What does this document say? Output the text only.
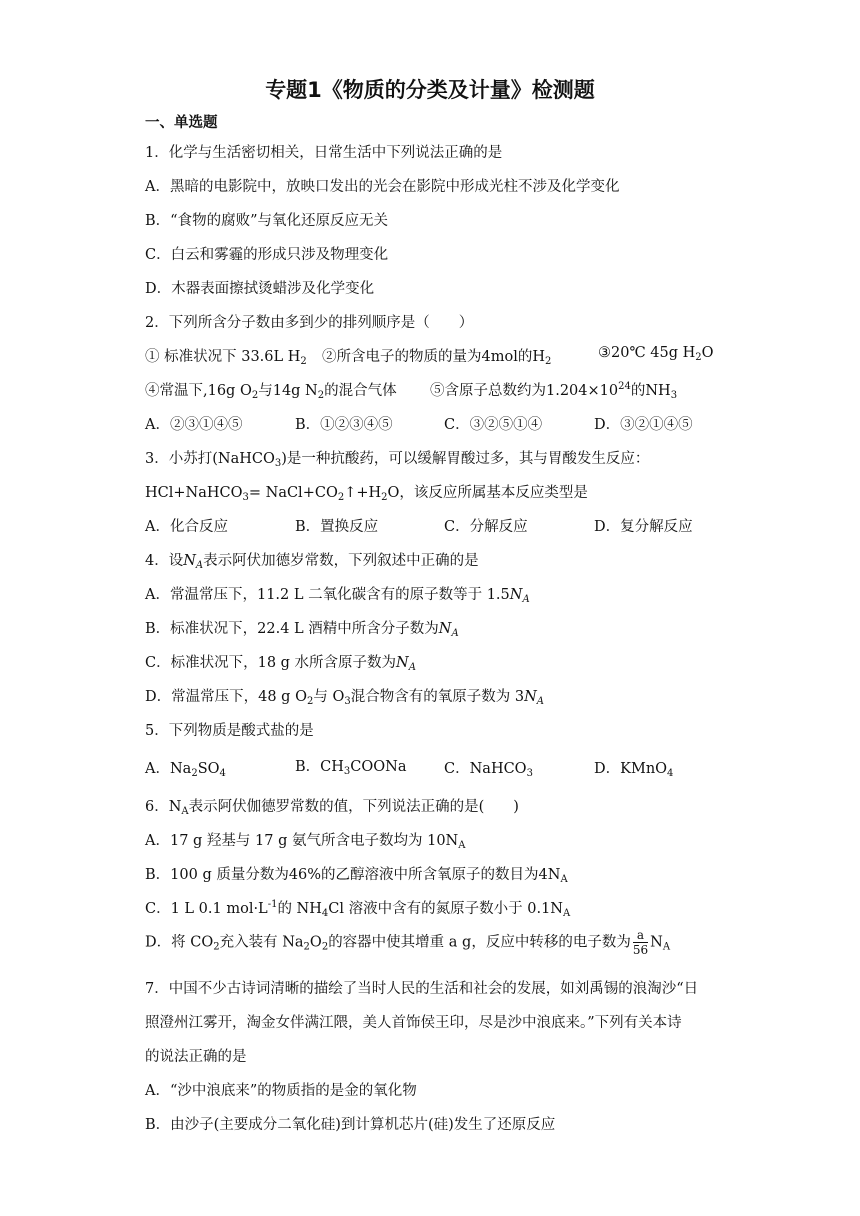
专题1《物质的分类及计量》检测题
一、单选题
1．化学与生活密切相关，日常生活中下列说法正确的是
A．黑暗的电影院中，放映口发出的光会在影院中形成光柱不涉及化学变化
B．“食物的腐败”与氧化还原反应无关
C．白云和雾霾的形成只涉及物理变化
D．木器表面擦拭烫蜡涉及化学变化
2．下列所含分子数由多到少的排列顺序是（　　）
① 标准状况下 33.6L $H_2$ ②所含电子的物质的量为4mol的$H_2$
③20℃ 45g $H_2O$
④常温下,16g $O_2$与14g $N_2$的混合气体 ⑤含原子总数约为$1.204\times 10^{24}$的$NH_3$
A．②③①④⑤	B．①②③④⑤	C．③②⑤①④	D．③②①④⑤
3．小苏打(NaHCO$_3$)是一种抗酸药，可以缓解胃酸过多，其与胃酸发生反应：
HCl+NaHCO$_3$= $NaCl+CO_2↑+H_2O$，该反应所属基本反应类型是
A．化合反应	B．置换反应	C．分解反应	D．复分解反应
4．设$N_A$表示阿伏加德岁常数，下列叙述中正确的是
A．常温常压下，11.2 L 二氧化碳含有的原子数等于 $1.5N_A$
B．标准状况下，22.4 L 酒精中所含分子数为$N_A$
C．标准状况下，18 g 水所含原子数为$N_A$
D．常温常压下，48 g $O_2$与 $O_3$混合物含有的氧原子数为 $3N_A$
5．下列物质是酸式盐的是
A．$Na_2SO_4$	B．$CH_3COONa$	C．NaHCO$_3$	D．KMnO$_4$
6．$N_A$表示阿伏伽德罗常数的值，下列说法正确的是(　　)
A．17 g 羟基与 17 g 氨气所含电子数均为 $10N_A$
B．100 g 质量分数为46%的乙醇溶液中所含氧原子的数目为$4N_A$
C．1 L 0.1 $mol\cdot L^{-1}$的 $NH_4Cl$ 溶液中含有的氮原子数小于 $0.1N_A$
D．将 $CO_2$充入装有 $Na_2O_2$的容器中使其增重 a g，反应中转移的电子数为 $\frac{a}{56} N_A$
7．中国不少古诗词清晰的描绘了当时人民的生活和社会的发展，如刘禹锡的浪淘沙“日
照澄州江雾开，淘金女伴满江隈，美人首饰侯王印，尽是沙中浪底来。”下列有关本诗
的说法正确的是
A．“沙中浪底来”的物质指的是金的氧化物
B．由沙子(主要成分二氧化硅)到计算机芯片(硅)发生了还原反应
